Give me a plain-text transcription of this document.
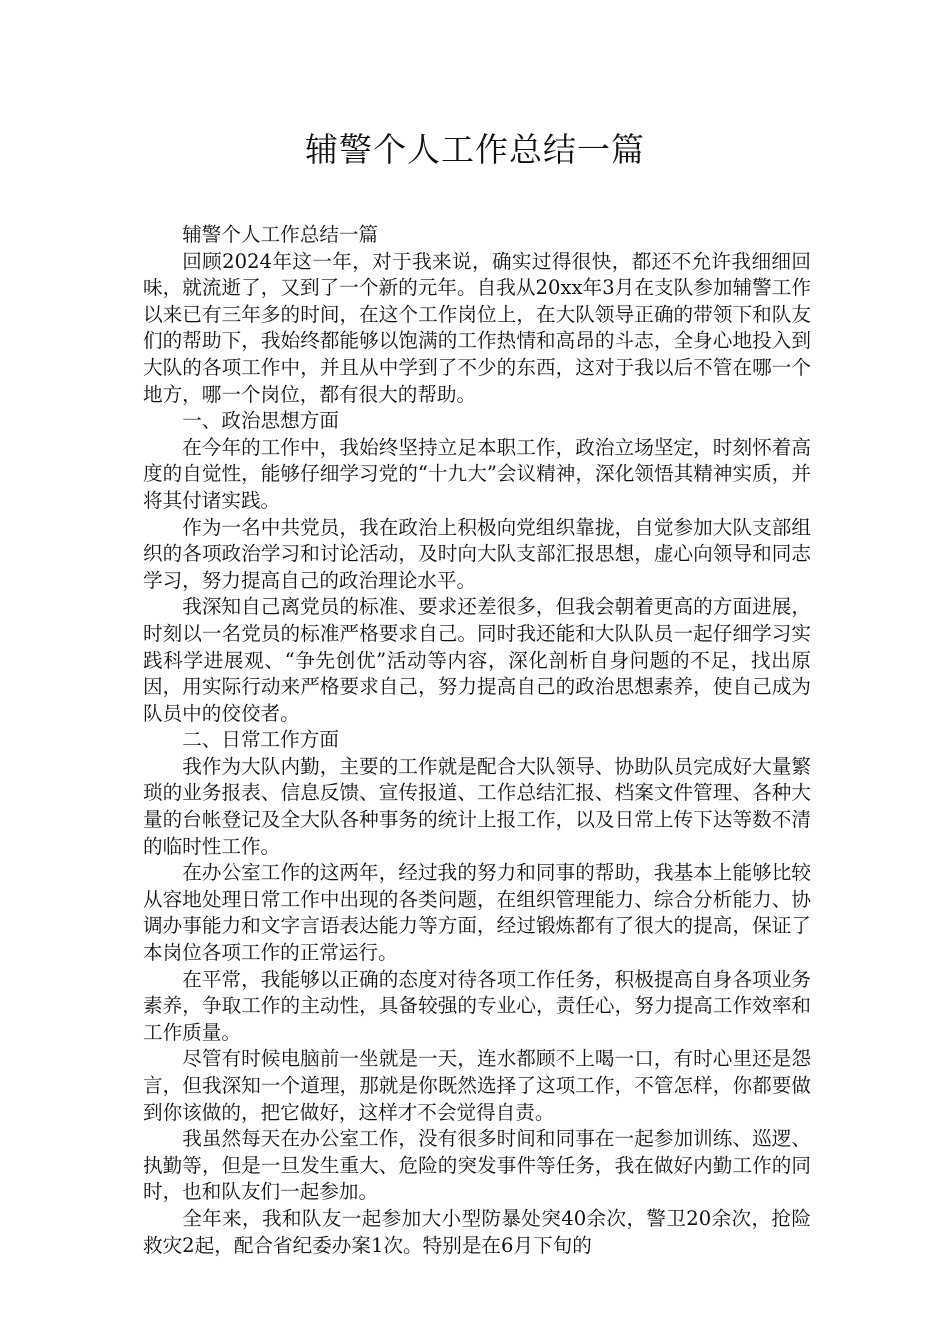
辅警个人工作总结一篇

辅警个人工作总结一篇

回顾2024年这一年，对于我来说，确实过得很快，都还不允许我细细回味，就流逝了，又到了一个新的元年。自我从20xx年3月在支队参加辅警工作以来已有三年多的时间，在这个工作岗位上，在大队领导正确的带领下和队友们的帮助下，我始终都能够以饱满的工作热情和高昂的斗志，全身心地投入到大队的各项工作中，并且从中学到了不少的东西，这对于我以后不管在哪一个地方，哪一个岗位，都有很大的帮助。

一、政治思想方面

在今年的工作中，我始终坚持立足本职工作，政治立场坚定，时刻怀着高度的自觉性，能够仔细学习党的“十九大”会议精神，深化领悟其精神实质，并将其付诸实践。

作为一名中共党员，我在政治上积极向党组织靠拢，自觉参加大队支部组织的各项政治学习和讨论活动，及时向大队支部汇报思想，虚心向领导和同志学习，努力提高自己的政治理论水平。

我深知自己离党员的标准、要求还差很多，但我会朝着更高的方面进展，时刻以一名党员的标准严格要求自己。同时我还能和大队队员一起仔细学习实践科学进展观、“争先创优”活动等内容，深化剖析自身问题的不足，找出原因，用实际行动来严格要求自己，努力提高自己的政治思想素养，使自己成为队员中的佼佼者。

二、日常工作方面

我作为大队内勤，主要的工作就是配合大队领导、协助队员完成好大量繁琐的业务报表、信息反馈、宣传报道、工作总结汇报、档案文件管理、各种大量的台帐登记及全大队各种事务的统计上报工作，以及日常上传下达等数不清的临时性工作。

在办公室工作的这两年，经过我的努力和同事的帮助，我基本上能够比较从容地处理日常工作中出现的各类问题，在组织管理能力、综合分析能力、协调办事能力和文字言语表达能力等方面，经过锻炼都有了很大的提高，保证了本岗位各项工作的正常运行。

在平常，我能够以正确的态度对待各项工作任务，积极提高自身各项业务素养，争取工作的主动性，具备较强的专业心，责任心，努力提高工作效率和工作质量。

尽管有时候电脑前一坐就是一天，连水都顾不上喝一口，有时心里还是怨言，但我深知一个道理，那就是你既然选择了这项工作，不管怎样，你都要做到你该做的，把它做好，这样才不会觉得自责。

我虽然每天在办公室工作，没有很多时间和同事在一起参加训练、巡逻、执勤等，但是一旦发生重大、危险的突发事件等任务，我在做好内勤工作的同时，也和队友们一起参加。

全年来，我和队友一起参加大小型防暴处突40余次，警卫20余次，抢险救灾2起，配合省纪委办案1次。特别是在6月下旬的
